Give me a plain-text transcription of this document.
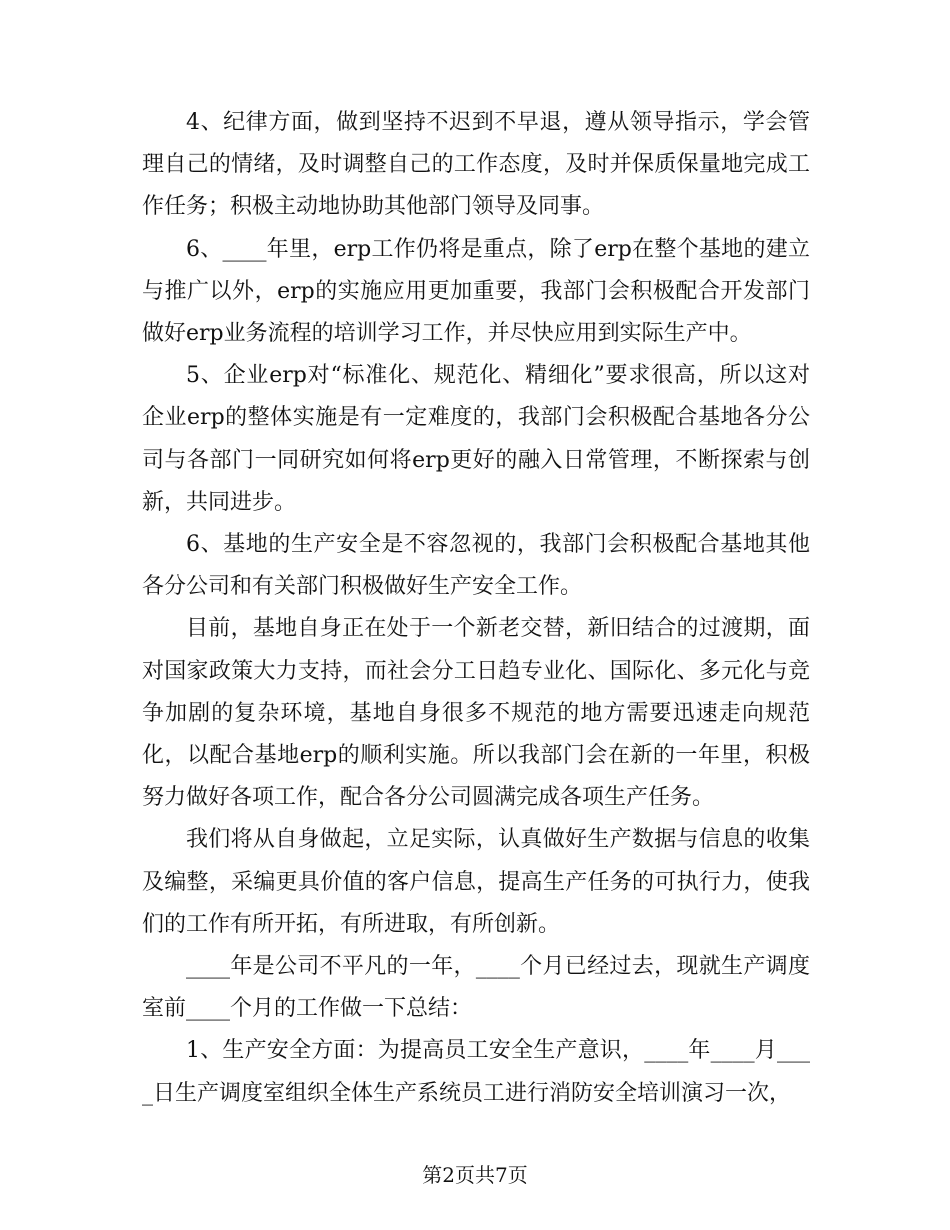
4、纪律方面，做到坚持不迟到不早退，遵从领导指示，学会管理自己的情绪，及时调整自己的工作态度，及时并保质保量地完成工作任务；积极主动地协助其他部门领导及同事。

6、____年里，erp工作仍将是重点，除了erp在整个基地的建立与推广以外，erp的实施应用更加重要，我部门会积极配合开发部门做好erp业务流程的培训学习工作，并尽快应用到实际生产中。

5、企业erp对“标准化、规范化、精细化”要求很高，所以这对企业erp的整体实施是有一定难度的，我部门会积极配合基地各分公司与各部门一同研究如何将erp更好的融入日常管理，不断探索与创新，共同进步。

6、基地的生产安全是不容忽视的，我部门会积极配合基地其他各分公司和有关部门积极做好生产安全工作。

目前，基地自身正在处于一个新老交替，新旧结合的过渡期，面对国家政策大力支持，而社会分工日趋专业化、国际化、多元化与竞争加剧的复杂环境，基地自身很多不规范的地方需要迅速走向规范化，以配合基地erp的顺利实施。所以我部门会在新的一年里，积极努力做好各项工作，配合各分公司圆满完成各项生产任务。

我们将从自身做起，立足实际，认真做好生产数据与信息的收集及编整，采编更具价值的客户信息，提高生产任务的可执行力，使我们的工作有所开拓，有所进取，有所创新。

____年是公司不平凡的一年，____个月已经过去，现就生产调度室前____个月的工作做一下总结：

1、生产安全方面：为提高员工安全生产意识，____年____月____日生产调度室组织全体生产系统员工进行消防安全培训演习一次，

第2页共7页
